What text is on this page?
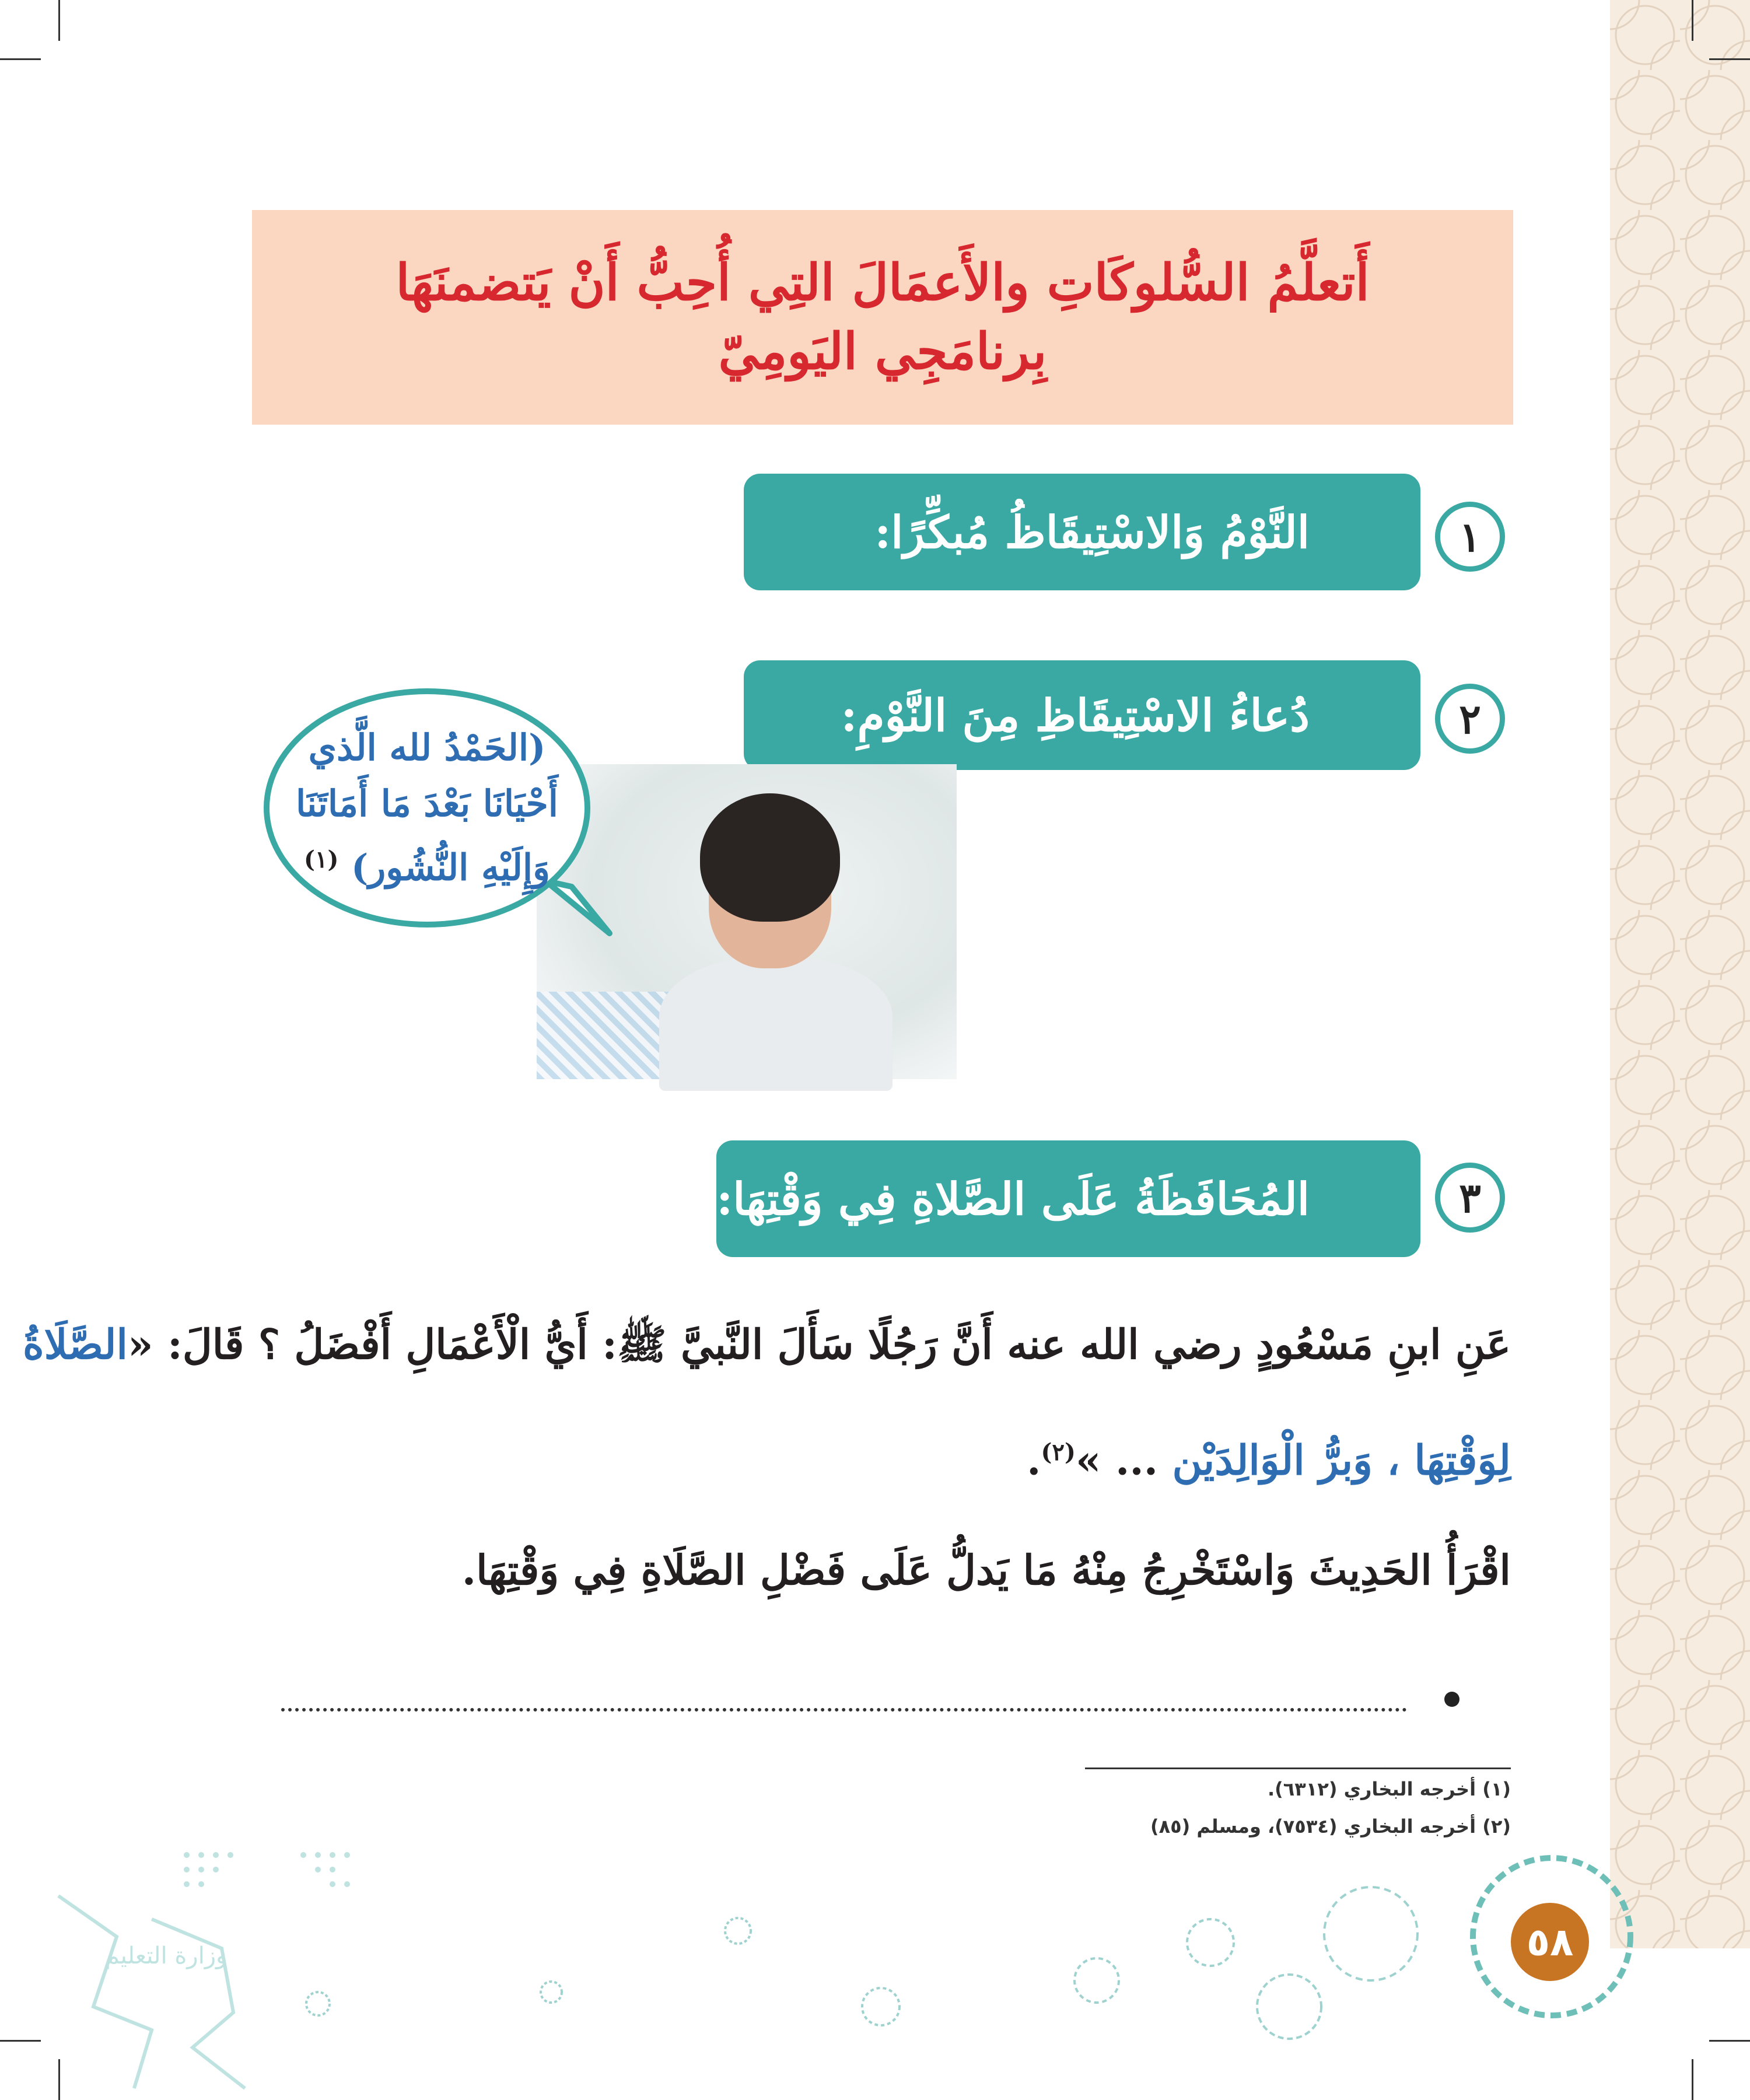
أَتعلَّمُ السُّلوكَاتِ والأَعمَالَ التِي أُحِبُّ أَنْ يَتضمنَهَا
بِرنامَجِي اليَومِيّ
١
النَّوْمُ وَالاسْتِيقَاظُ مُبكِّرًا:
٢
دُعاءُ الاسْتِيقَاظِ مِنَ النَّوْمِ:
(الحَمْدُ لله الَّذي
أَحْيَانَا بَعْدَ مَا أَمَاتَنَا
وَإِلَيْهِ النُّشُور) $^{(١)}$
٣
المُحَافَظَةُ عَلَى الصَّلاةِ فِي وَقْتِهَا:
عَنِ ابنِ مَسْعُودٍ رضي الله عنه أَنَّ رَجُلًا سَأَلَ النَّبيَّ ﷺ: أَيُّ الْأَعْمَالِ أَفْضَلُ ؟ قَالَ: «الصَّلَاةُ
لِوَقْتِهَا ، وَبرُّ الْوَالِدَيْن ... »$^{(٢)}$.
اقْرَأُ الحَدِيثَ وَاسْتَخْرِجُ مِنْهُ مَا يَدلُّ عَلَى فَضْلِ الصَّلَاةِ فِي وَقْتِهَا.
(١) أخرجه البخاري (٦٣١٢).
(٢) أخرجه البخاري (٧٥٣٤)، ومسلم (٨٥)
وزارة التعليم	٥٨
